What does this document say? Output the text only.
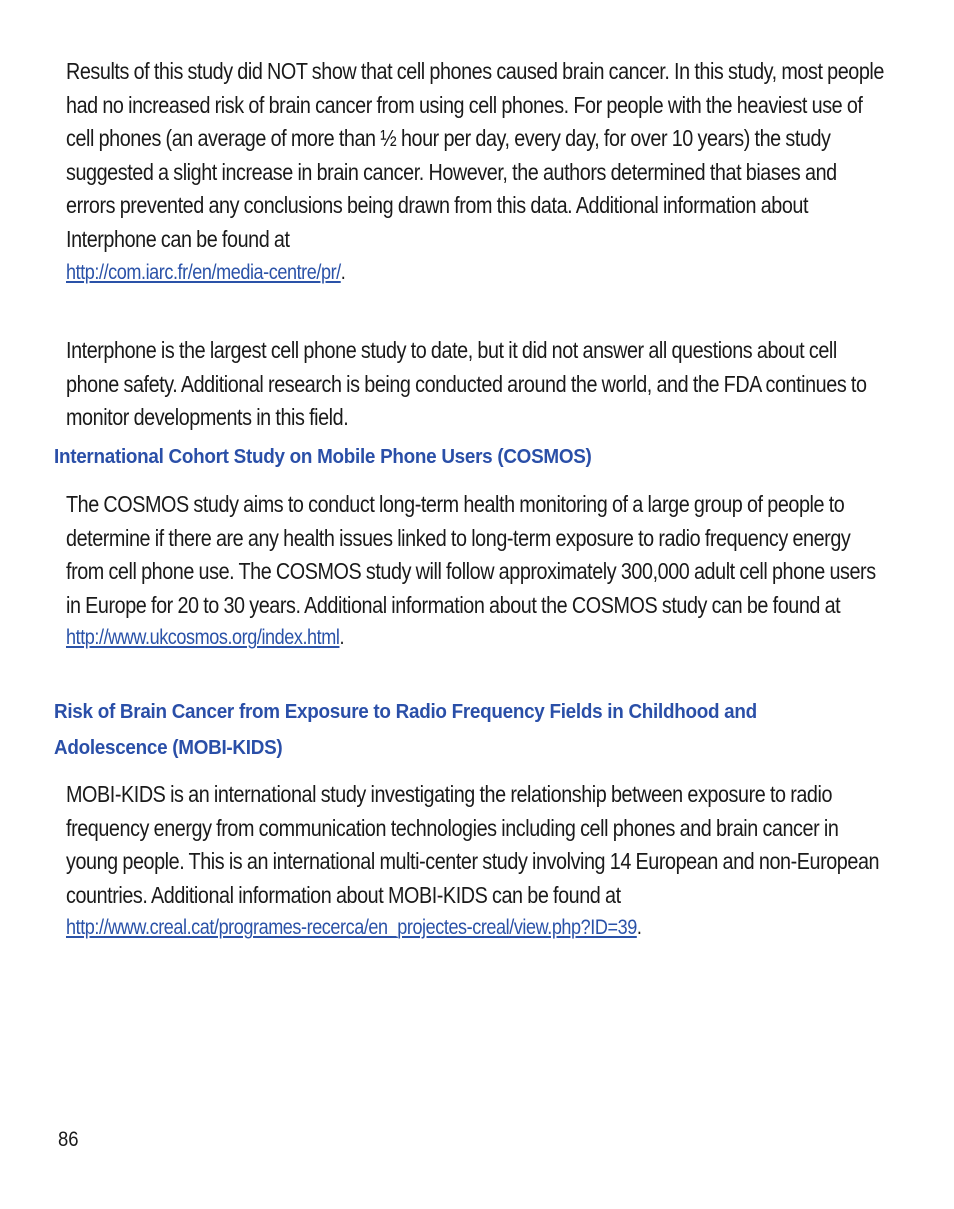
Results of this study did NOT show that cell phones caused brain cancer. In this study, most people had no increased risk of brain cancer from using cell phones. For people with the heaviest use of cell phones (an average of more than ½ hour per day, every day, for over 10 years) the study suggested a slight increase in brain cancer. However, the authors determined that biases and errors prevented any conclusions being drawn from this data. Additional information about Interphone can be found at
http://com.iarc.fr/en/media-centre/pr/.
Interphone is the largest cell phone study to date, but it did not answer all questions about cell phone safety. Additional research is being conducted around the world, and the FDA continues to monitor developments in this field.
International Cohort Study on Mobile Phone Users (COSMOS)
The COSMOS study aims to conduct long-term health monitoring of a large group of people to determine if there are any health issues linked to long-term exposure to radio frequency energy from cell phone use. The COSMOS study will follow approximately 300,000 adult cell phone users in Europe for 20 to 30 years. Additional information about the COSMOS study can be found at
http://www.ukcosmos.org/index.html.
Risk of Brain Cancer from Exposure to Radio Frequency Fields in Childhood and
Adolescence (MOBI-KIDS)
MOBI-KIDS is an international study investigating the relationship between exposure to radio frequency energy from communication technologies including cell phones and brain cancer in young people. This is an international multi-center study involving 14 European and non-European countries. Additional information about MOBI-KIDS can be found at
http://www.creal.cat/programes-recerca/en_projectes-creal/view.php?ID=39.
86
